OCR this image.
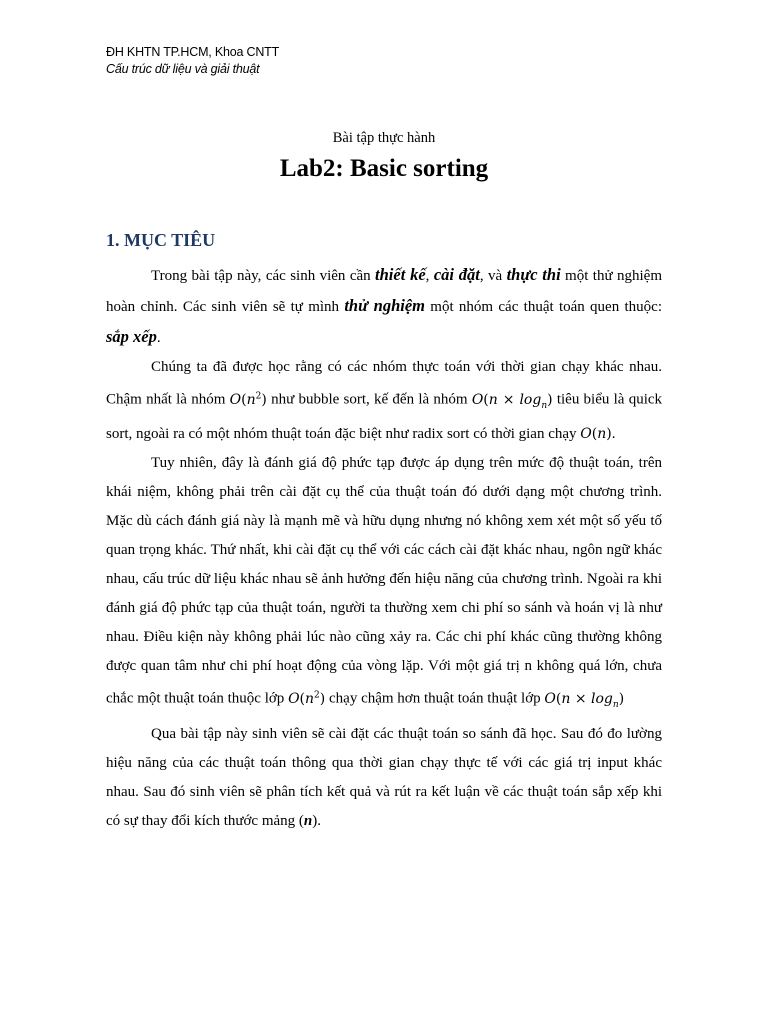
ĐH KHTN TP.HCM, Khoa CNTT
Cấu trúc dữ liệu và giải thuật
Bài tập thực hành
Lab2: Basic sorting
1. MỤC TIÊU

Trong bài tập này, các sinh viên cần thiết kế, cài đặt, và thực thi một thử nghiệm hoàn chỉnh. Các sinh viên sẽ tự mình thử nghiệm một nhóm các thuật toán quen thuộc: sắp xếp.

Chúng ta đã được học rằng có các nhóm thực toán với thời gian chạy khác nhau. Chậm nhất là nhóm $O(n^2)$ như bubble sort, kế đến là nhóm $O(n \times \log_n)$ tiêu biểu là quick sort, ngoài ra có một nhóm thuật toán đặc biệt như radix sort có thời gian chạy O(n).

Tuy nhiên, đây là đánh giá độ phức tạp được áp dụng trên mức độ thuật toán, trên khái niệm, không phải trên cài đặt cụ thể của thuật toán đó dưới dạng một chương trình. Mặc dù cách đánh giá này là mạnh mẽ và hữu dụng nhưng nó không xem xét một số yếu tố quan trọng khác. Thứ nhất, khi cài đặt cụ thể với các cách cài đặt khác nhau, ngôn ngữ khác nhau, cấu trúc dữ liệu khác nhau sẽ ảnh hưởng đến hiệu năng của chương trình. Ngoài ra khi đánh giá độ phức tạp của thuật toán, người ta thường xem chi phí so sánh và hoán vị là như nhau. Điều kiện này không phải lúc nào cũng xảy ra. Các chi phí khác cũng thường không được quan tâm như chi phí hoạt động của vòng lặp. Với một giá trị n không quá lớn, chưa chắc một thuật toán thuộc lớp $O(n^2)$ chạy chậm hơn thuật toán thuật lớp $O(n \times \log_n)$

Qua bài tập này sinh viên sẽ cài đặt các thuật toán so sánh đã học. Sau đó đo lường hiệu năng của các thuật toán thông qua thời gian chạy thực tế với các giá trị input khác nhau. Sau đó sinh viên sẽ phân tích kết quả và rút ra kết luận về các thuật toán sắp xếp khi có sự thay đổi kích thước mảng (n).
